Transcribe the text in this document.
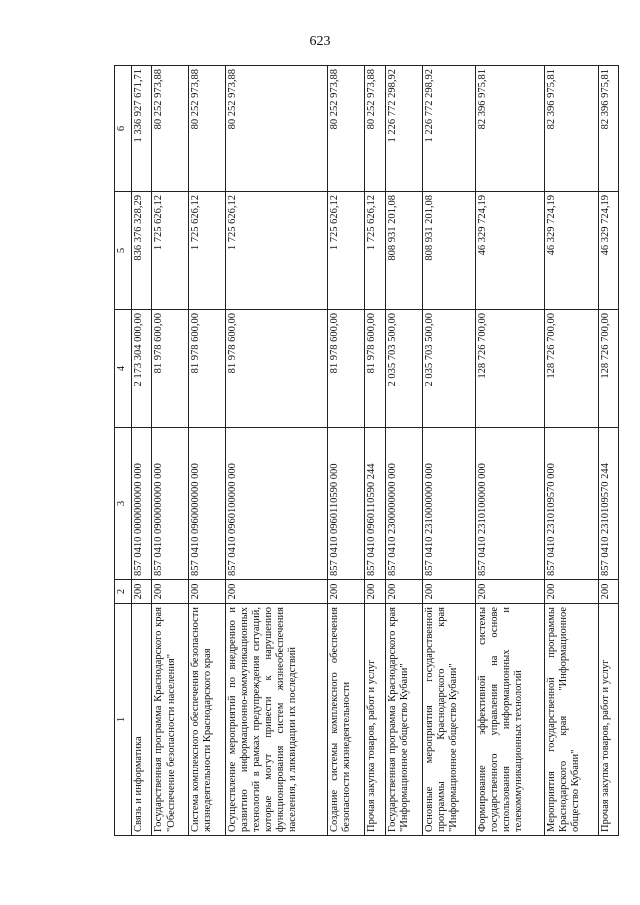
623
1	2	3	4	5	6
Связь и информатика	200	857 0410 0000000000 000	2 173 304 000,00	836 376 328,29	1 336 927 671,71
Государственная программа Краснодарского края "Обеспечение безопасности населения"	200	857 0410 0900000000 000	81 978 600,00	1 725 626,12	80 252 973,88
Система комплексного обеспечения безопасности жизнедеятельности Краснодарского края	200	857 0410 0960000000 000	81 978 600,00	1 725 626,12	80 252 973,88
Осуществление мероприятий по внедрению и развитию информационно-коммуникационных технологий в рамках предупреждения ситуаций, которые могут привести к нарушению функционирования систем жизнеобеспечения населения, и ликвидации их последствий	200	857 0410 0960100000 000	81 978 600,00	1 725 626,12	80 252 973,88
Создание системы комплексного обеспечения безопасности жизнедеятельности	200	857 0410 0960110590 000	81 978 600,00	1 725 626,12	80 252 973,88
Прочая закупка товаров, работ и услуг	200	857 0410 0960110590 244	81 978 600,00	1 725 626,12	80 252 973,88
Государственная программа Краснодарского края "Информационное общество Кубани"	200	857 0410 2300000000 000	2 035 703 500,00	808 931 201,08	1 226 772 298,92
Основные мероприятия государственной программы Краснодарского края "Информационное общество Кубани"	200	857 0410 2310000000 000	2 035 703 500,00	808 931 201,08	1 226 772 298,92
Формирование эффективной системы государственного управления на основе использования информационных и телекоммуникационных технологий	200	857 0410 2310100000 000	128 726 700,00	46 329 724,19	82 396 975,81
Мероприятия государственной программы Краснодарского края "Информационное общество Кубани"	200	857 0410 2310109570 000	128 726 700,00	46 329 724,19	82 396 975,81
Прочая закупка товаров, работ и услуг	200	857 0410 2310109570 244	128 726 700,00	46 329 724,19	82 396 975,81
